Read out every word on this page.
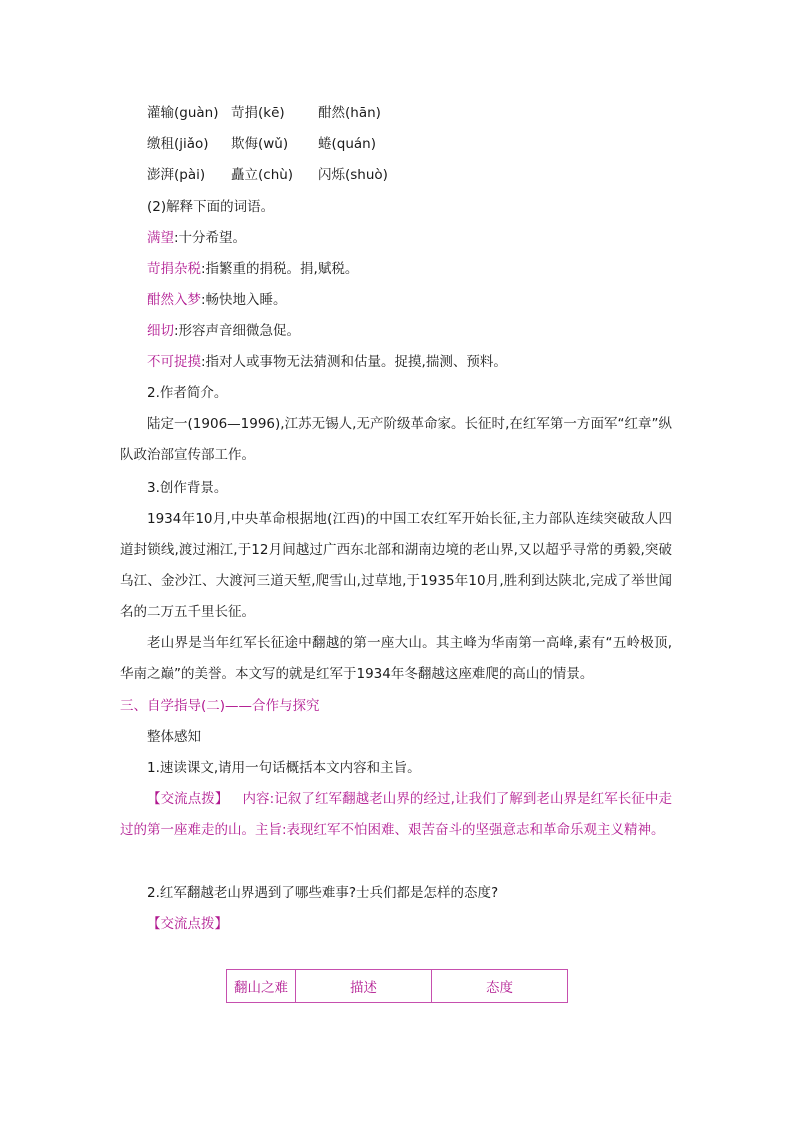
灌输(guàn) 苛捐(kē) 酣然(hān)
缴租(jiǎo) 欺侮(wǔ) 蜷(quán)
澎湃(pài) 矗立(chù) 闪烁(shuò)
(2)解释下面的词语。
满望:十分希望。
苛捐杂税:指繁重的捐税。捐,赋税。
酣然入梦:畅快地入睡。
细切:形容声音细微急促。
不可捉摸:指对人或事物无法猜测和估量。捉摸,揣测、预料。
2.作者简介。
陆定一(1906—1996),江苏无锡人,无产阶级革命家。长征时,在红军第一方面军“红章”纵队政治部宣传部工作。
3.创作背景。
1934年10月,中央革命根据地(江西)的中国工农红军开始长征,主力部队连续突破敌人四道封锁线,渡过湘江,于12月间越过广西东北部和湖南边境的老山界,又以超乎寻常的勇毅,突破乌江、金沙江、大渡河三道天堑,爬雪山,过草地,于1935年10月,胜利到达陕北,完成了举世闻名的二万五千里长征。
老山界是当年红军长征途中翻越的第一座大山。其主峰为华南第一高峰,素有“五岭极顶,华南之巅”的美誉。本文写的就是红军于1934年冬翻越这座难爬的高山的情景。
三、自学指导(二)——合作与探究
整体感知
1.速读课文,请用一句话概括本文内容和主旨。
【交流点拨】 内容:记叙了红军翻越老山界的经过,让我们了解到老山界是红军长征中走过的第一座难走的山。主旨:表现红军不怕困难、艰苦奋斗的坚强意志和革命乐观主义精神。
2.红军翻越老山界遇到了哪些难事?士兵们都是怎样的态度?
【交流点拨】
翻山之难	描述	态度
